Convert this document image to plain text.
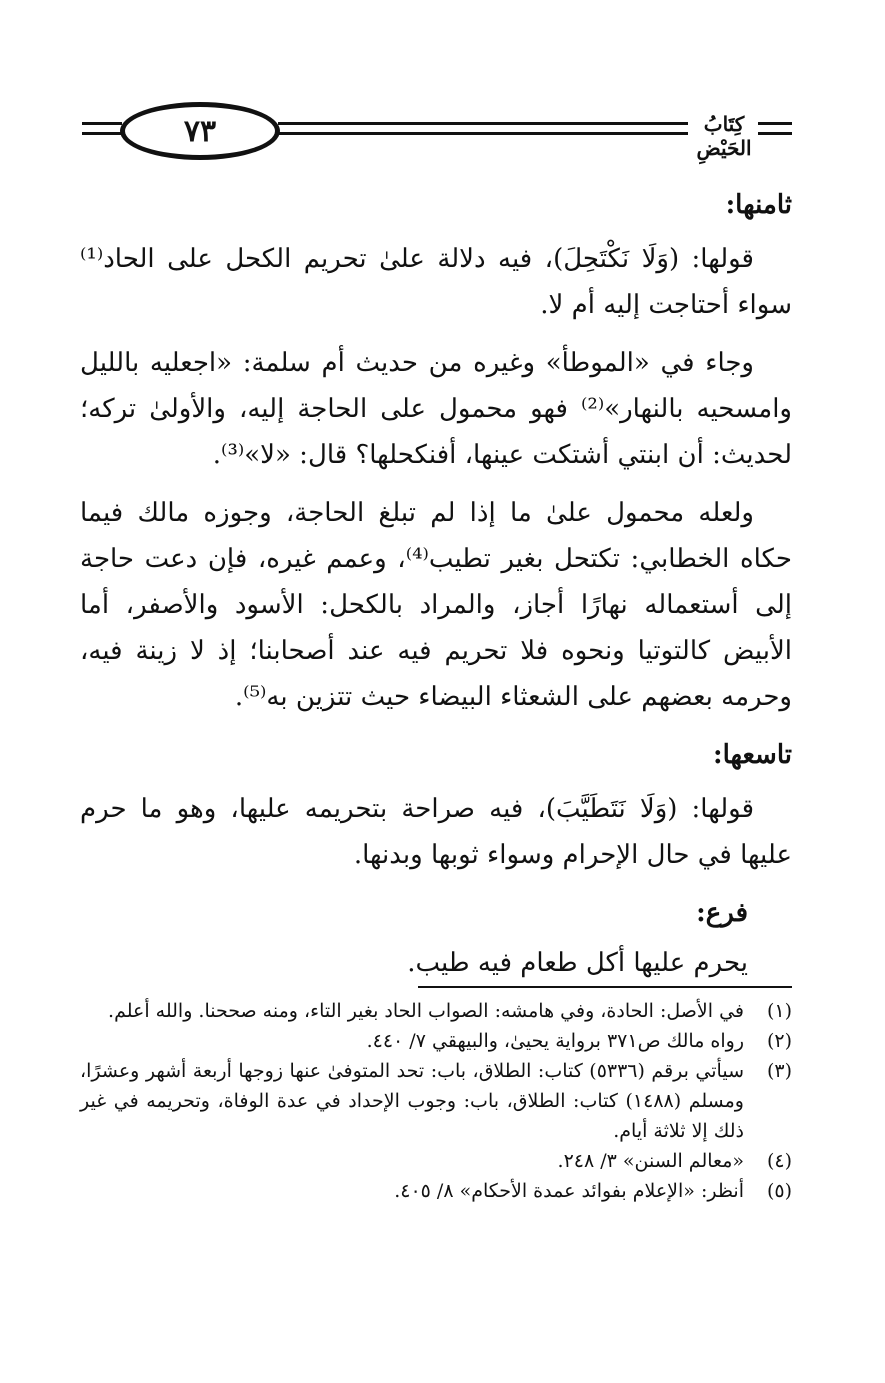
٧٣	كِتَابُ الحَيْضِ

ثامنها:

قولها: (وَلَا نَكْتَحِلَ)، فيه دلالة علىٰ تحريم الكحل على الحاد⁽¹⁾ سواء أحتاجت إليه أم لا.

وجاء في «الموطأ» وغيره من حديث أم سلمة: «اجعليه بالليل وامسحيه بالنهار»⁽²⁾ فهو محمول على الحاجة إليه، والأولىٰ تركه؛ لحديث: أن ابنتي أشتكت عينها، أفنكحلها؟ قال: «لا»⁽³⁾.

ولعله محمول علىٰ ما إذا لم تبلغ الحاجة، وجوزه مالك فيما حكاه الخطابي: تكتحل بغير تطيب⁽⁴⁾، وعمم غيره، فإن دعت حاجة إلى أستعماله نهارًا أجاز، والمراد بالكحل: الأسود والأصفر، أما الأبيض كالتوتيا ونحوه فلا تحريم فيه عند أصحابنا؛ إذ لا زينة فيه، وحرمه بعضهم على الشعثاء البيضاء حيث تتزين به⁽⁵⁾.

تاسعها:

قولها: (وَلَا نَتَطَيَّبَ)، فيه صراحة بتحريمه عليها، وهو ما حرم عليها في حال الإحرام وسواء ثوبها وبدنها.

فرع:

يحرم عليها أكل طعام فيه طيب.

(١)
في الأصل: الحادة، وفي هامشه: الصواب الحاد بغير التاء، ومنه صححنا. والله أعلم.
(٢)
رواه مالك ص٣٧١ برواية يحيىٰ، والبيهقي ٧/ ٤٤٠.
(٣)
سيأتي برقم (٥٣٣٦) كتاب: الطلاق، باب: تحد المتوفىٰ عنها زوجها أربعة أشهر وعشرًا، ومسلم (١٤٨٨) كتاب: الطلاق، باب: وجوب الإحداد في عدة الوفاة، وتحريمه في غير ذلك إلا ثلاثة أيام.
(٤)
«معالم السنن» ٣/ ٢٤٨.
(٥)
أنظر: «الإعلام بفوائد عمدة الأحكام» ٨/ ٤٠٥.
